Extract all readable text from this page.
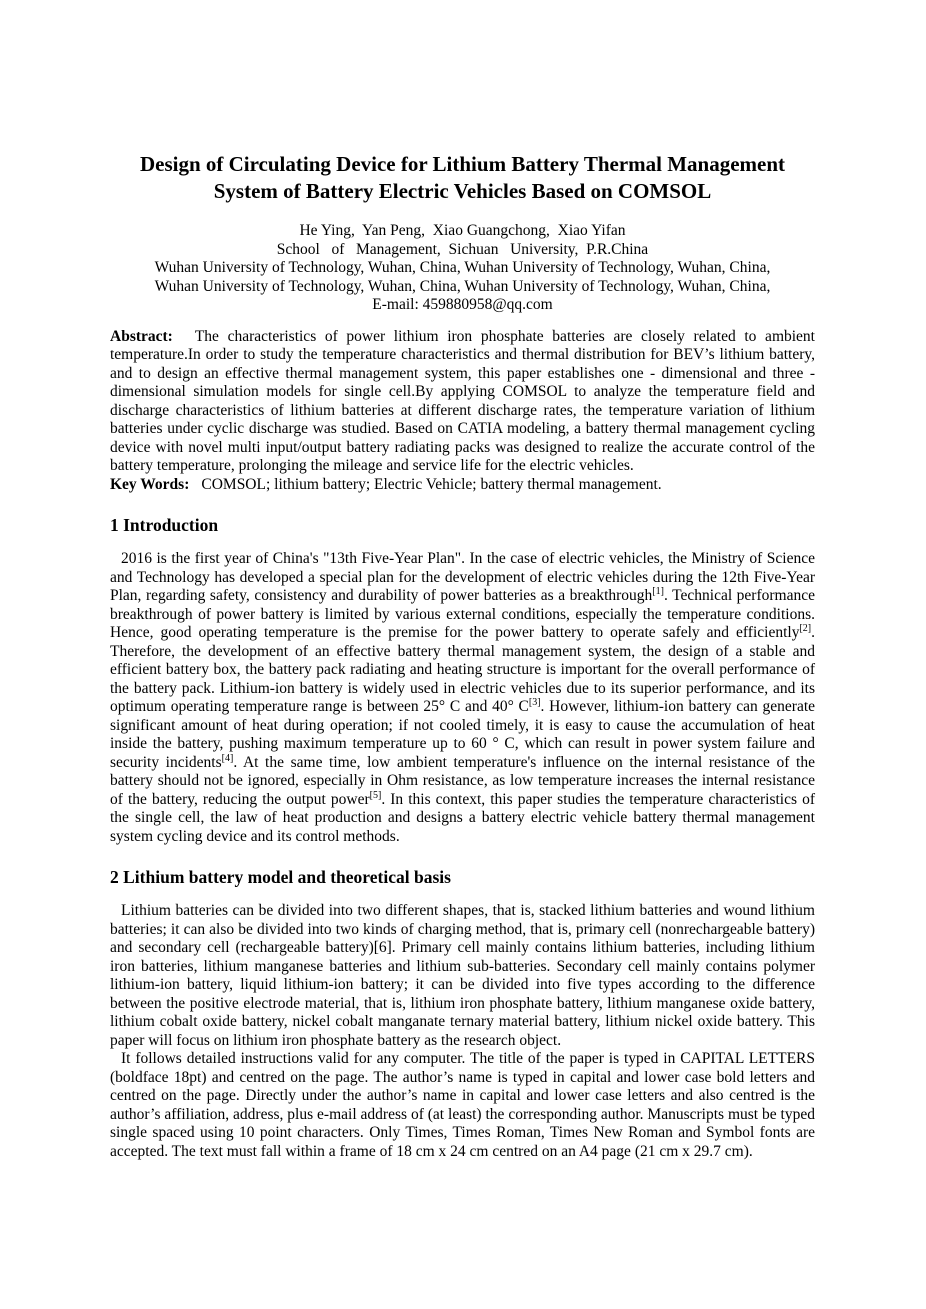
Design of Circulating Device for Lithium Battery Thermal Management
System of Battery Electric Vehicles Based on COMSOL
He Ying,  Yan Peng,  Xiao Guangchong,  Xiao Yifan
School   of   Management,  Sichuan   University,  P.R.China
Wuhan University of Technology, Wuhan, China, Wuhan University of Technology, Wuhan, China,
Wuhan University of Technology, Wuhan, China, Wuhan University of Technology, Wuhan, China,
E-mail: 459880958@qq.com

Abstract: The characteristics of power lithium iron phosphate batteries are closely related to ambient temperature.In order to study the temperature characteristics and thermal distribution for BEV’s lithium battery, and to design an effective thermal management system, this paper establishes one - dimensional and three - dimensional simulation models for single cell.By applying COMSOL to analyze the temperature field and discharge characteristics of lithium batteries at different discharge rates, the temperature variation of lithium batteries under cyclic discharge was studied. Based on CATIA modeling, a battery thermal management cycling device with novel multi input/output battery radiating packs was designed to realize the accurate control of the battery temperature, prolonging the mileage and service life for the electric vehicles.

Key Words: COMSOL; lithium battery; Electric Vehicle; battery thermal management.

1 Introduction

2016 is the first year of China's "13th Five-Year Plan". In the case of electric vehicles, the Ministry of Science and Technology has developed a special plan for the development of electric vehicles during the 12th Five-Year Plan, regarding safety, consistency and durability of power batteries as a breakthrough[1]. Technical performance breakthrough of power battery is limited by various external conditions, especially the temperature conditions. Hence, good operating temperature is the premise for the power battery to operate safely and efficiently[2]. Therefore, the development of an effective battery thermal management system, the design of a stable and efficient battery box, the battery pack radiating and heating structure is important for the overall performance of the battery pack. Lithium-ion battery is widely used in electric vehicles due to its superior performance, and its optimum operating temperature range is between 25° C and 40° C[3]. However, lithium-ion battery can generate significant amount of heat during operation; if not cooled timely, it is easy to cause the accumulation of heat inside the battery, pushing maximum temperature up to 60 ° C, which can result in power system failure and security incidents[4]. At the same time, low ambient temperature's influence on the internal resistance of the battery should not be ignored, especially in Ohm resistance, as low temperature increases the internal resistance of the battery, reducing the output power[5]. In this context, this paper studies the temperature characteristics of the single cell, the law of heat production and designs a battery electric vehicle battery thermal management system cycling device and its control methods.

2 Lithium battery model and theoretical basis

Lithium batteries can be divided into two different shapes, that is, stacked lithium batteries and wound lithium batteries; it can also be divided into two kinds of charging method, that is, primary cell (nonrechargeable battery) and secondary cell (rechargeable battery)[6]. Primary cell mainly contains lithium batteries, including lithium iron batteries, lithium manganese batteries and lithium sub-batteries. Secondary cell mainly contains polymer lithium-ion battery, liquid lithium-ion battery; it can be divided into five types according to the difference between the positive electrode material, that is, lithium iron phosphate battery, lithium manganese oxide battery, lithium cobalt oxide battery, nickel cobalt manganate ternary material battery, lithium nickel oxide battery. This paper will focus on lithium iron phosphate battery as the research object.

It follows detailed instructions valid for any computer. The title of the paper is typed in CAPITAL LETTERS (boldface 18pt) and centred on the page. The author’s name is typed in capital and lower case bold letters and centred on the page. Directly under the author’s name in capital and lower case letters and also centred is the author’s affiliation, address, plus e-mail address of (at least) the corresponding author. Manuscripts must be typed single spaced using 10 point characters. Only Times, Times Roman, Times New Roman and Symbol fonts are accepted. The text must fall within a frame of 18 cm x 24 cm centred on an A4 page (21 cm x 29.7 cm).
